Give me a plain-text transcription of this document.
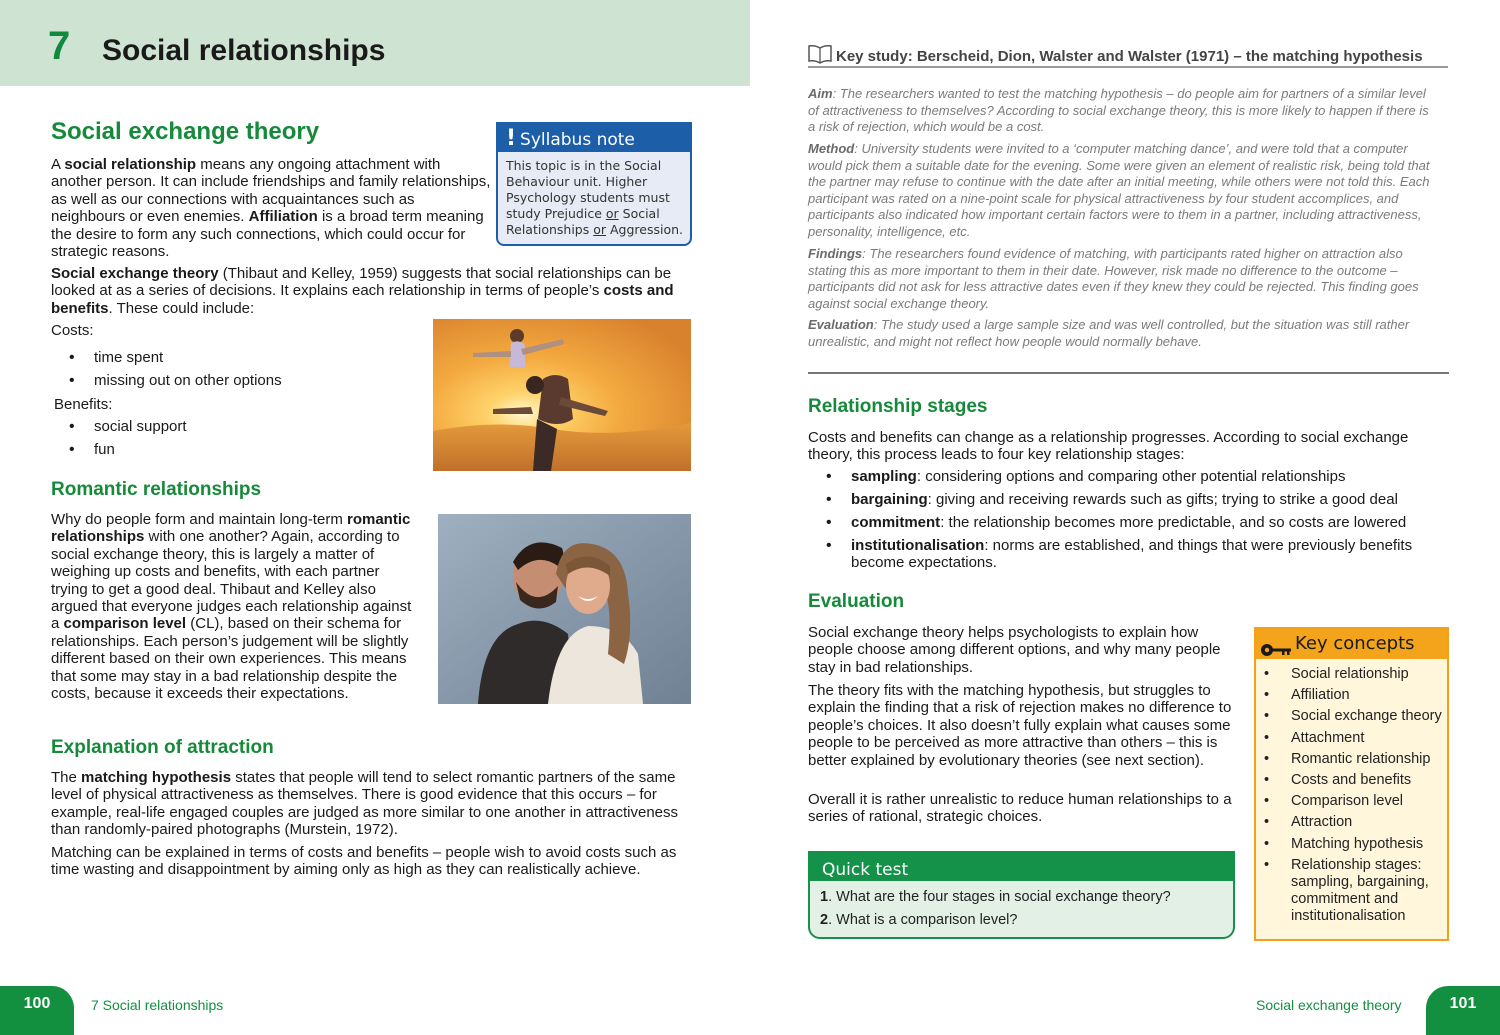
7 Social relationships
Social exchange theory

A social relationship means any ongoing attachment with another person. It can include friendships and family relationships, as well as our connections with acquaintances such as neighbours or even enemies. Affiliation is a broad term meaning the desire to form any such connections, which could occur for strategic reasons.

! Syllabus note
This topic is in the Social Behaviour unit. Higher Psychology students must study Prejudice or Social Relationships or Aggression.

Social exchange theory (Thibaut and Kelley, 1959) suggests that social relationships can be looked at as a series of decisions. It explains each relationship in terms of people’s costs and benefits. These could include:

Costs:
• time spent
• missing out on other options
Benefits:
• social support
• fun
Romantic relationships

Why do people form and maintain long-term romantic relationships with one another? Again, according to social exchange theory, this is largely a matter of weighing up costs and benefits, with each partner trying to get a good deal. Thibaut and Kelley also argued that everyone judges each relationship against a comparison level (CL), based on their schema for relationships. Each person’s judgement will be slightly different based on their own experiences. This means that some may stay in a bad relationship despite the costs, because it exceeds their expectations.

Explanation of attraction

The matching hypothesis states that people will tend to select romantic partners of the same level of physical attractiveness as themselves. There is good evidence that this occurs – for example, real-life engaged couples are judged as more similar to one another in attractiveness than randomly-paired photographs (Murstein, 1972).

Matching can be explained in terms of costs and benefits – people wish to avoid costs such as time wasting and disappointment by aiming only as high as they can realistically achieve.

100	7 Social relationships
Key study: Berscheid, Dion, Walster and Walster (1971) – the matching hypothesis

Aim: The researchers wanted to test the matching hypothesis – do people aim for partners of a similar level of attractiveness to themselves? According to social exchange theory, this is more likely to happen if there is a risk of rejection, which would be a cost.

Method: University students were invited to a ‘computer matching dance’, and were told that a computer would pick them a suitable date for the evening. Some were given an element of realistic risk, being told that the partner may refuse to continue with the date after an initial meeting, while others were not told this. Each participant was rated on a nine-point scale for physical attractiveness by four student accomplices, and participants also indicated how important certain factors were to them in a partner, including attractiveness, personality, intelligence, etc.

Findings: The researchers found evidence of matching, with participants rated higher on attraction also stating this as more important to them in their date. However, risk made no difference to the outcome – participants did not ask for less attractive dates even if they knew they could be rejected. This finding goes against social exchange theory.

Evaluation: The study used a large sample size and was well controlled, but the situation was still rather unrealistic, and might not reflect how people would normally behave.

Relationship stages

Costs and benefits can change as a relationship progresses. According to social exchange theory, this process leads to four key relationship stages:

• sampling: considering options and comparing other potential relationships
• bargaining: giving and receiving rewards such as gifts; trying to strike a good deal
• commitment: the relationship becomes more predictable, and so costs are lowered
• institutionalisation: norms are established, and things that were previously benefits become expectations.
Evaluation

Social exchange theory helps psychologists to explain how people choose among different options, and why many people stay in bad relationships.

The theory fits with the matching hypothesis, but struggles to explain the finding that a risk of rejection makes no difference to people’s choices. It also doesn’t fully explain what causes some people to be perceived as more attractive than others – this is better explained by evolutionary theories (see next section).

Overall it is rather unrealistic to reduce human relationships to a series of rational, strategic choices.

Quick test
1. What are the four stages in social exchange theory?
2. What is a comparison level?
Key concepts
• Social relationship
• Affiliation
• Social exchange theory
• Attachment
• Romantic relationship
• Costs and benefits
• Comparison level
• Attraction
• Matching hypothesis
• Relationship stages: sampling, bargaining, commitment and institutionalisation
Social exchange theory	101
